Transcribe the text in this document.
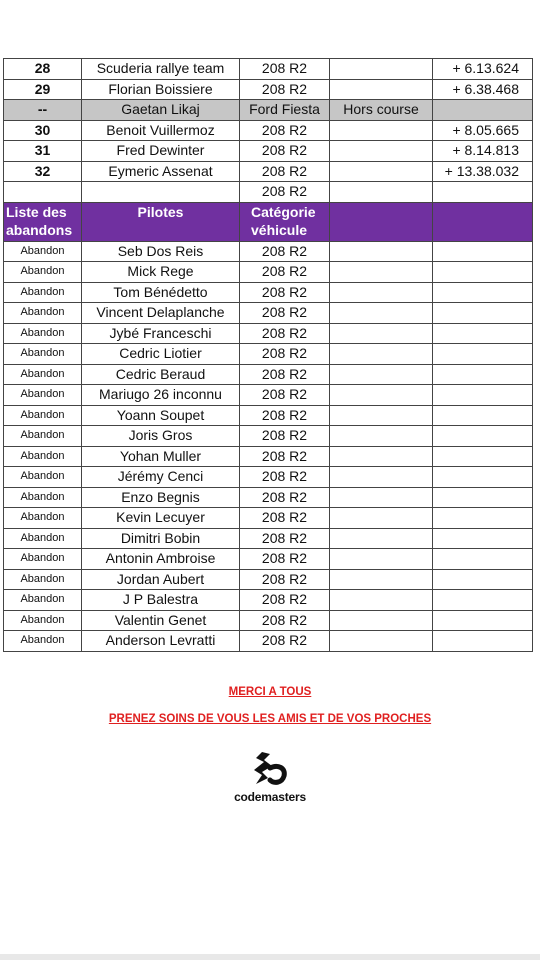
28	Scuderia rallye team	208 R2		+ 6.13.624
29	Florian Boissiere	208 R2		+ 6.38.468
--	Gaetan Likaj	Ford Fiesta	Hors course	
30	Benoit Vuillermoz	208 R2		+ 8.05.665
31	Fred Dewinter	208 R2		+ 8.14.813
32	Eymeric Assenat	208 R2		+ 13.38.032
		208 R2		
Liste des abandons	Pilotes	Catégorie véhicule		
Abandon	Seb Dos Reis	208 R2		
Abandon	Mick Rege	208 R2		
Abandon	Tom Bénédetto	208 R2		
Abandon	Vincent Delaplanche	208 R2		
Abandon	Jybé Franceschi	208 R2		
Abandon	Cedric Liotier	208 R2		
Abandon	Cedric Beraud	208 R2		
Abandon	Mariugo 26 inconnu	208 R2		
Abandon	Yoann Soupet	208 R2		
Abandon	Joris Gros	208 R2		
Abandon	Yohan Muller	208 R2		
Abandon	Jérémy Cenci	208 R2		
Abandon	Enzo Begnis	208 R2		
Abandon	Kevin Lecuyer	208 R2		
Abandon	Dimitri Bobin	208 R2		
Abandon	Antonin Ambroise	208 R2		
Abandon	Jordan Aubert	208 R2		
Abandon	J P Balestra	208 R2		
Abandon	Valentin Genet	208 R2		
Abandon	Anderson Levratti	208 R2		
MERCI A TOUS
PRENEZ SOINS DE VOUS LES AMIS ET DE VOS PROCHES
codemasters
